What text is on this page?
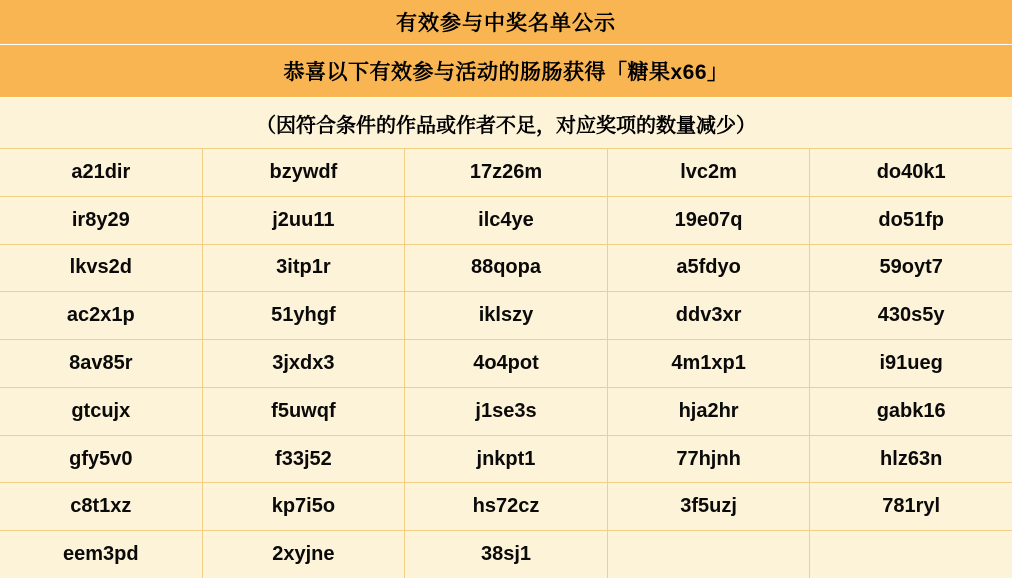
有效参与中奖名单公示
恭喜以下有效参与活动的肠肠获得「糖果x66」
（因符合条件的作品或作者不足，对应奖项的数量减少）
a21dir	bzywdf	17z26m	lvc2m	do40k1
ir8y29	j2uu11	ilc4ye	19e07q	do51fp
lkvs2d	3itp1r	88qopa	a5fdyo	59oyt7
ac2x1p	51yhgf	iklszy	ddv3xr	430s5y
8av85r	3jxdx3	4o4pot	4m1xp1	i91ueg
gtcujx	f5uwqf	j1se3s	hja2hr	gabk16
gfy5v0	f33j52	jnkpt1	77hjnh	hlz63n
c8t1xz	kp7i5o	hs72cz	3f5uzj	781ryl
eem3pd	2xyjne	38sj1
